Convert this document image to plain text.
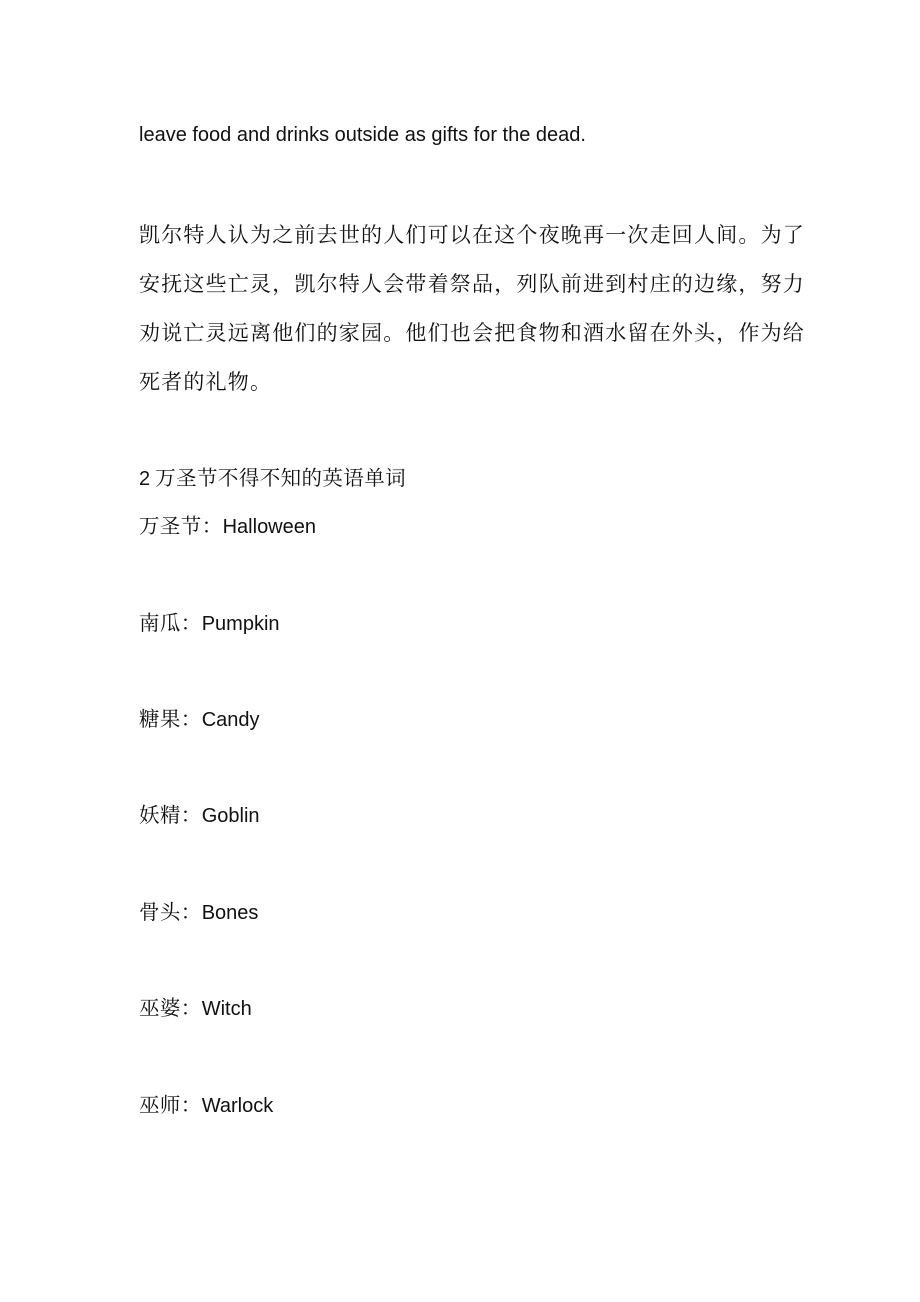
leave food and drinks outside as gifts for the dead.
凯尔特人认为之前去世的人们可以在这个夜晚再一次走回人间。为了
安抚这些亡灵，凯尔特人会带着祭品，列队前进到村庄的边缘，努力
劝说亡灵远离他们的家园。他们也会把食物和酒水留在外头，作为给
死者的礼物。
2 万圣节不得不知的英语单词
万圣节：Halloween
南瓜：Pumpkin
糖果：Candy
妖精：Goblin
骨头：Bones
巫婆：Witch
巫师：Warlock
